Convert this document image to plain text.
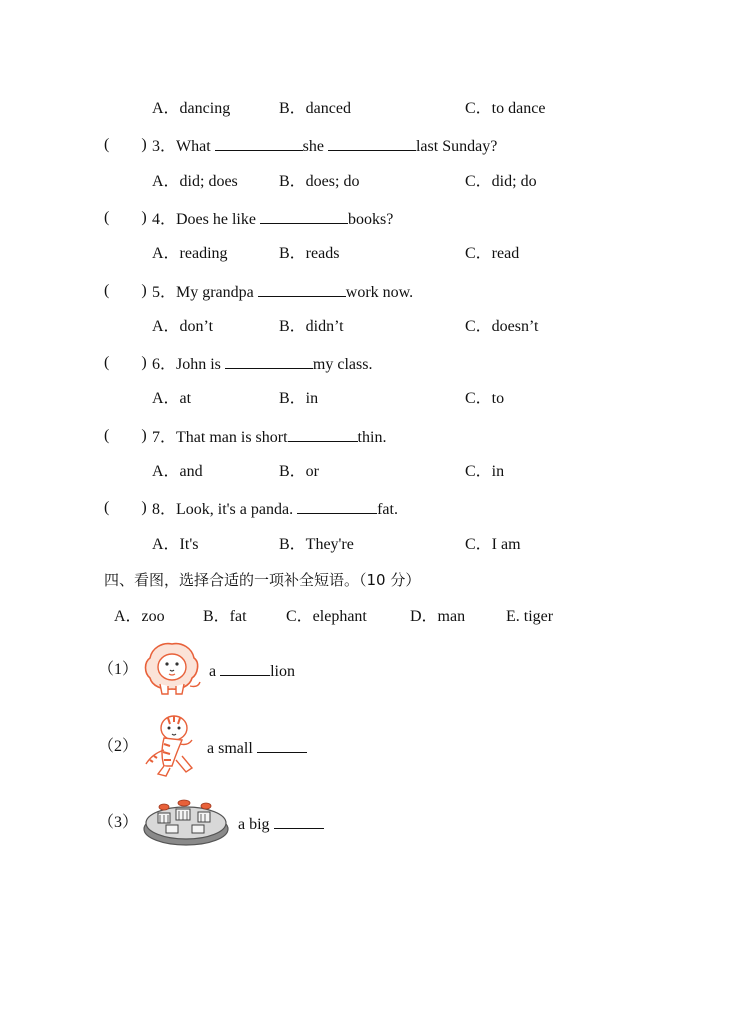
A．dancing	B．danced	C．to dance
(　　) 3．What	she	last Sunday?
A．did; does	B．does; do	C．did; do
(　　) 4．Does he like	books?
A．reading	B．reads	C．read
(　　) 5．My grandpa	work now.
A．don’t	B．didn’t	C．doesn’t
(　　) 6．John is	my class.
A．at	B．in	C．to
(　　) 7．That man is short	thin.
A．and	B．or	C．in
(　　) 8．Look, it's a panda.	fat.
A．It's	B．They're	C．I am
四、看图，选择合适的一项补全短语。（10 分）
A．zoo B．fat C．elephant	D．man	E. tiger
（1）	a	lion
（2）	a small
（3）	a big
